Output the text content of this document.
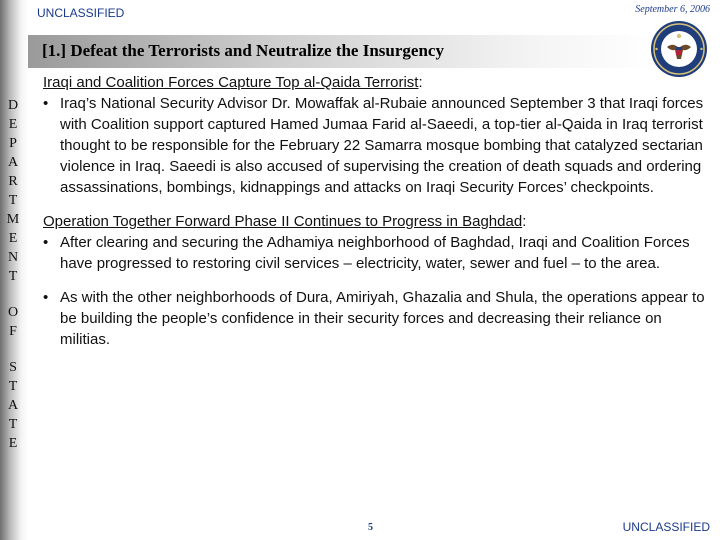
UNCLASSIFIED	September 6, 2006
[1.] Defeat the Terrorists and Neutralize the Insurgency
D
E
P
A
R
T
M
E
N
T
O
F
S
T
A
T
E
Iraqi and Coalition Forces Capture Top al-Qaida Terrorist:
• Iraq’s National Security Advisor Dr. Mowaffak al-Rubaie announced September 3 that Iraqi forces with Coalition support captured Hamed Jumaa Farid al-Saeedi, a top-tier al-Qaida in Iraq terrorist thought to be responsible for the February 22 Samarra mosque bombing that catalyzed sectarian violence in Iraq. Saeedi is also accused of supervising the creation of death squads and ordering assassinations, bombings, kidnappings and attacks on Iraqi Security Forces’ checkpoints.
Operation Together Forward Phase II Continues to Progress in Baghdad:
• After clearing and securing the Adhamiya neighborhood of Baghdad, Iraqi and Coalition Forces have progressed to restoring civil services – electricity, water, sewer and fuel – to the area.
• As with the other neighborhoods of Dura, Amiriyah, Ghazalia and Shula, the operations appear to be building the people’s confidence in their security forces and decreasing their reliance on militias.
5	UNCLASSIFIED
